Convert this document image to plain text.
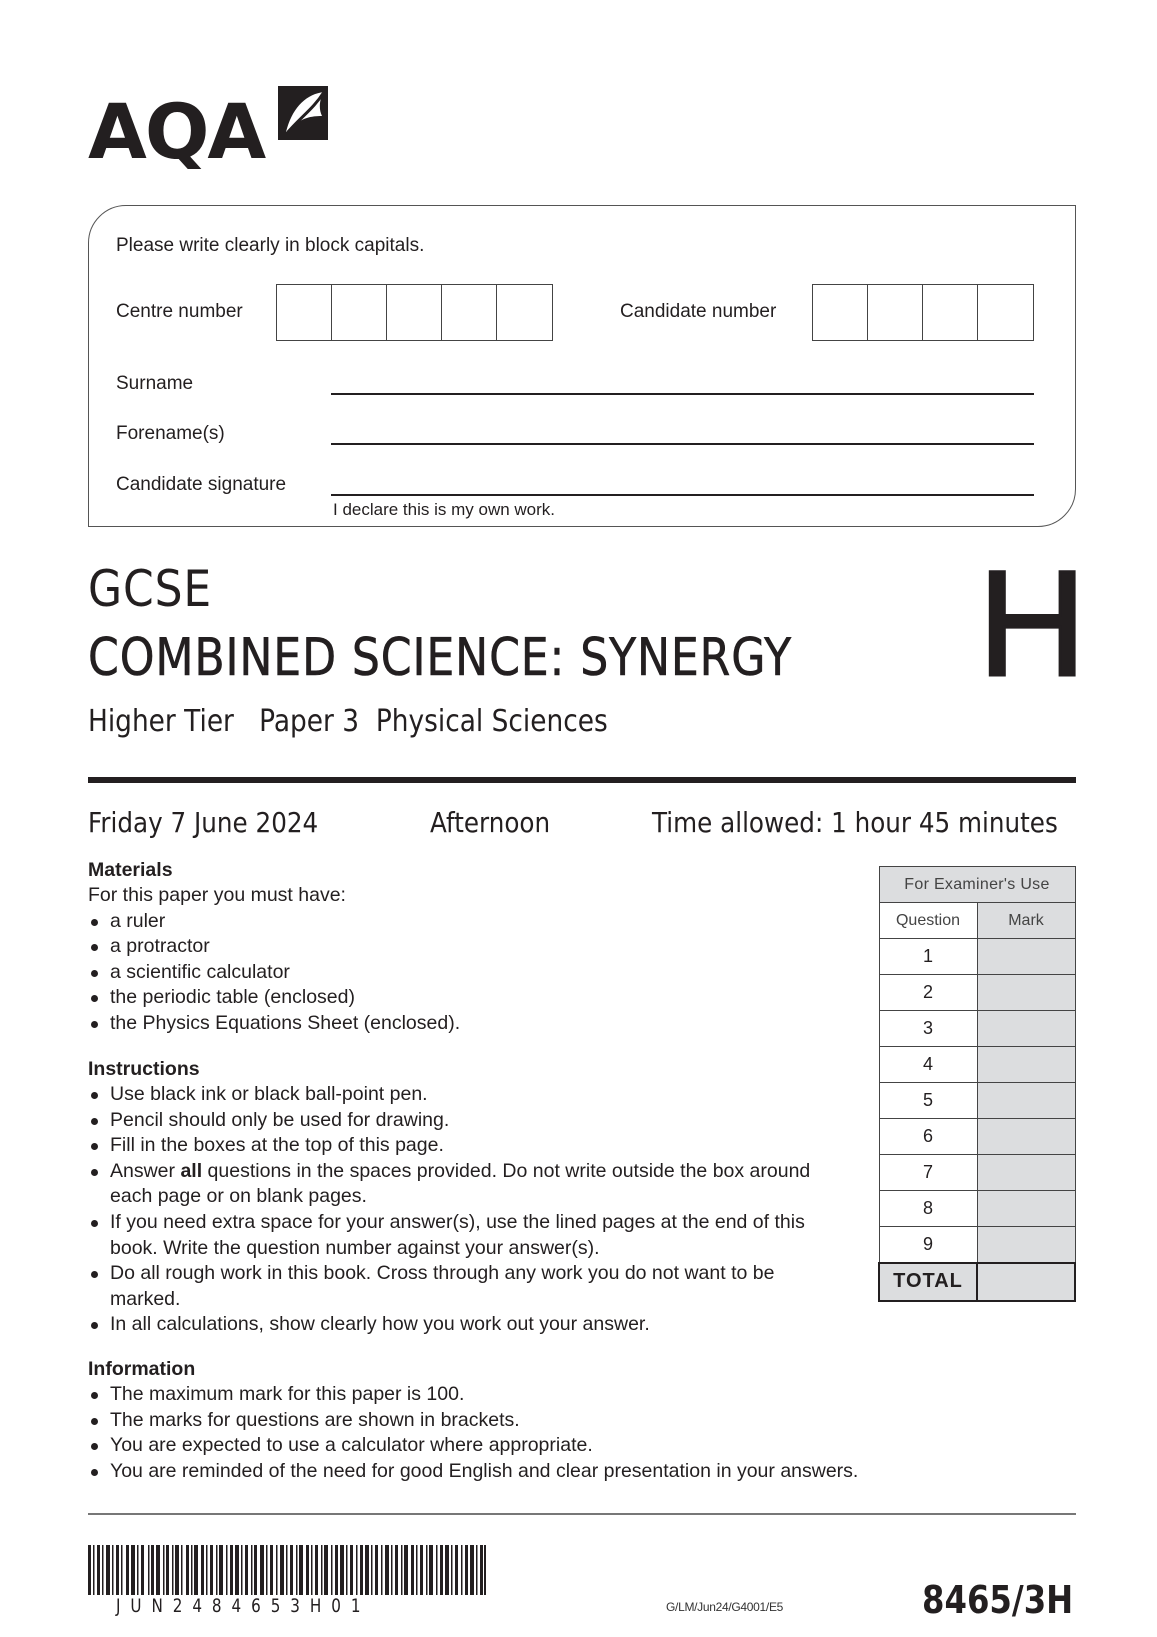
AQA
Please write clearly in block capitals.
Centre number	Candidate number
Surname
Forename(s)
Candidate signature
I declare this is my own work.
GCSE
COMBINED SCIENCE: SYNERGY
Higher Tier Paper 3 Physical Sciences
H
Friday 7 June 2024	Afternoon	Time allowed: 1 hour 45 minutes
Materials
For this paper you must have:
a ruler
a protractor
a scientific calculator
the periodic table (enclosed)
the Physics Equations Sheet (enclosed).
Instructions
Use black ink or black ball-point pen.
Pencil should only be used for drawing.
Fill in the boxes at the top of this page.
Answer all questions in the spaces provided. Do not write outside the box around each page or on blank pages.
If you need extra space for your answer(s), use the lined pages at the end of this book. Write the question number against your answer(s).
Do all rough work in this book. Cross through any work you do not want to be marked.
In all calculations, show clearly how you work out your answer.
Information
The maximum mark for this paper is 100.
The marks for questions are shown in brackets.
You are expected to use a calculator where appropriate.
You are reminded of the need for good English and clear presentation in your answers.
For Examiner's Use	
Question	Mark
1	
2	
3	
4	
5	
6	
7	
8	
9	
TOTAL	
JUN2484653H01	G/LM/Jun24/G4001/E5	8465/3H
